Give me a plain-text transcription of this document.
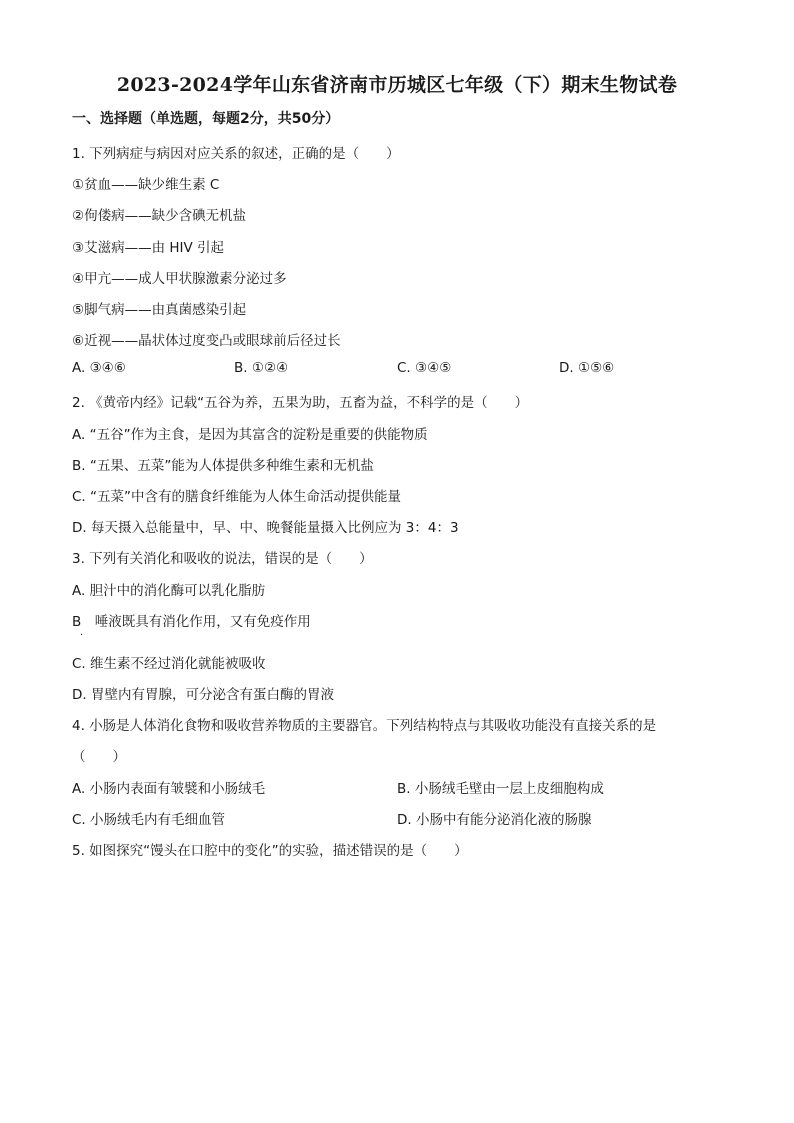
2023-2024学年山东省济南市历城区七年级（下）期末生物试卷
一、选择题（单选题，每题2分，共50分）
1. 下列病症与病因对应关系的叙述，正确的是（　　）
①贫血——缺少维生素 C
②佝偻病——缺少含碘无机盐
③艾滋病——由 HIV 引起
④甲亢——成人甲状腺激素分泌过多
⑤脚气病——由真菌感染引起
⑥近视——晶状体过度变凸或眼球前后径过长
A. ③④⑥	B. ①②④	C. ③④⑤	D. ①⑤⑥
2. 《黄帝内经》记载“五谷为养，五果为助，五畜为益，不科学的是（　　）
A. “五谷”作为主食，是因为其富含的淀粉是重要的供能物质
B. “五果、五菜”能为人体提供多种维生素和无机盐
C. “五菜”中含有的膳食纤维能为人体生命活动提供能量
D. 每天摄入总能量中，早、中、晚餐能量摄入比例应为 3：4：3
3. 下列有关消化和吸收的说法，错误的是（　　）
A. 胆汁中的消化酶可以乳化脂肪
B　唾液既具有消化作用，又有免疫作用
.
C. 维生素不经过消化就能被吸收
D. 胃壁内有胃腺，可分泌含有蛋白酶的胃液
4. 小肠是人体消化食物和吸收营养物质的主要器官。下列结构特点与其吸收功能没有直接关系的是
（　　）
A. 小肠内表面有皱襞和小肠绒毛	B. 小肠绒毛壁由一层上皮细胞构成
C. 小肠绒毛内有毛细血管	D. 小肠中有能分泌消化液的肠腺
5. 如图探究“馒头在口腔中的变化”的实验，描述错误的是（　　）
